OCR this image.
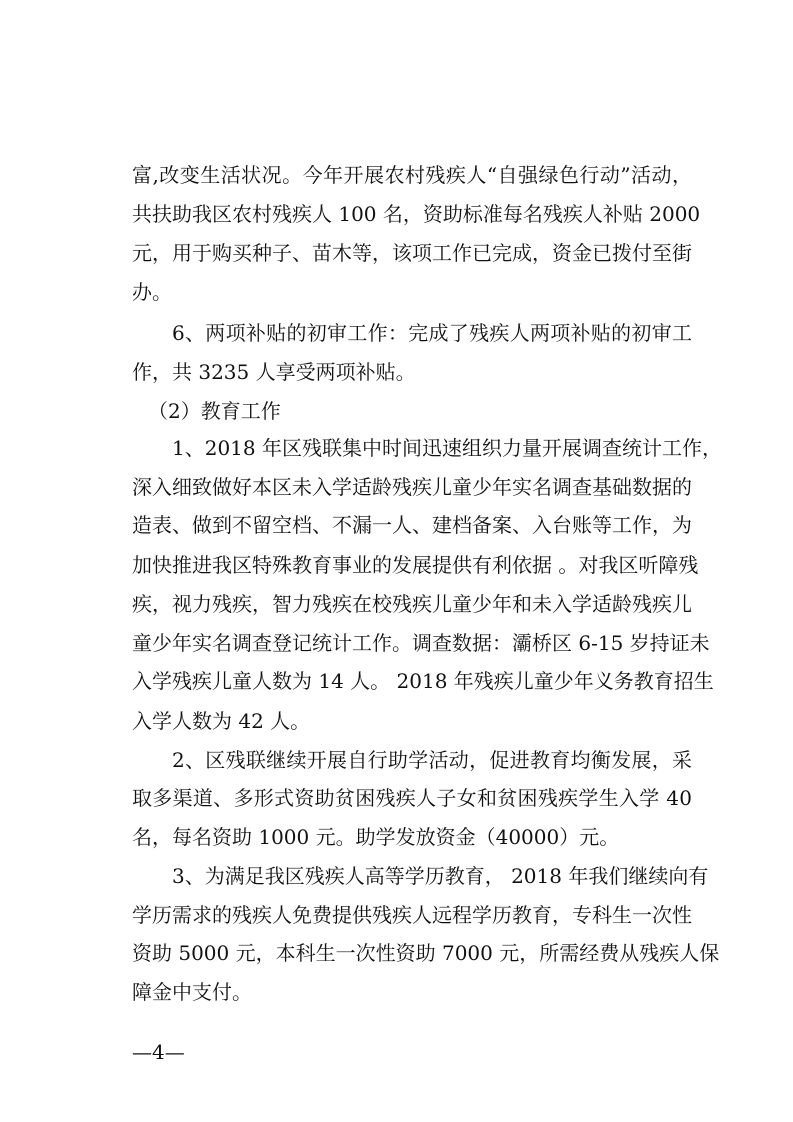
富,改变生活状况。今年开展农村残疾人“自强绿色行动”活动，
共扶助我区农村残疾人 100 名，资助标准每名残疾人补贴 2000
元，用于购买种子、苗木等，该项工作已完成，资金已拨付至街
办。
6、两项补贴的初审工作：完成了残疾人两项补贴的初审工
作，共 3235 人享受两项补贴。
（2）教育工作
1、2018 年区残联集中时间迅速组织力量开展调查统计工作，
深入细致做好本区未入学适龄残疾儿童少年实名调查基础数据的
造表、做到不留空档、不漏一人、建档备案、入台账等工作，为
加快推进我区特殊教育事业的发展提供有利依据 。对我区听障残
疾，视力残疾，智力残疾在校残疾儿童少年和未入学适龄残疾儿
童少年实名调查登记统计工作。调查数据：灞桥区 6-15 岁持证未
入学残疾儿童人数为 14 人。 2018 年残疾儿童少年义务教育招生
入学人数为 42 人。
2、区残联继续开展自行助学活动，促进教育均衡发展，采
取多渠道、多形式资助贫困残疾人子女和贫困残疾学生入学 40
名，每名资助 1000 元。助学发放资金（40000）元。
3、为满足我区残疾人高等学历教育， 2018 年我们继续向有
学历需求的残疾人免费提供残疾人远程学历教育，专科生一次性
资助 5000 元，本科生一次性资助 7000 元，所需经费从残疾人保
障金中支付。
—4—
